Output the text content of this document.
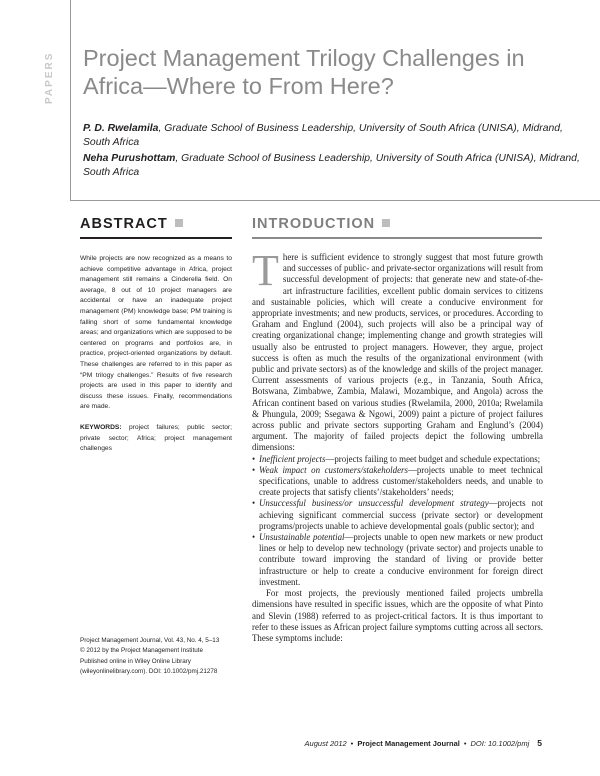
PAPERS	Project Management Trilogy Challenges in Africa—Where to From Here?

P. D. Rwelamila, Graduate School of Business Leadership, University of South Africa (UNISA), Midrand, South Africa

Neha Purushottam, Graduate School of Business Leadership, University of South Africa (UNISA), Midrand, South Africa

ABSTRACT	INTRODUCTION

While projects are now recognized as a means to achieve competitive advantage in Africa, project management still remains a Cinderella field. On average, 8 out of 10 project managers are accidental or have an inadequate project management (PM) knowledge base; PM training is falling short of some fundamental knowledge areas; and organizations which are supposed to be centered on programs and portfolios are, in practice, project-oriented organizations by default. These challenges are referred to in this paper as “PM trilogy challenges.” Results of five research projects are used in this paper to identify and discuss these issues. Finally, recommendations are made.

KEYWORDS: project failures; public sector; private sector; Africa; project management challenges

Project Management Journal, Vol. 43, No. 4, 5–13

© 2012 by the Project Management Institute

Published online in Wiley Online Library

(wileyonlinelibrary.com). DOI: 10.1002/pmj.21278

There is sufficient evidence to strongly suggest that most future growth and successes of public- and private-sector organizations will result from successful development of projects: that generate new and state-of-the-art infrastructure facilities, excellent public domain services to citizens and sustainable policies, which will create a conducive environment for appropriate investments; and new products, services, or procedures. According to Graham and Englund (2004), such projects will also be a principal way of creating organizational change; implementing change and growth strategies will usually also be entrusted to project managers. However, they argue, project success is often as much the results of the organizational environment (with public and private sectors) as of the knowledge and skills of the project manager. Current assessments of various projects (e.g., in Tanzania, South Africa, Botswana, Zimbabwe, Zambia, Malawi, Mozambique, and Angola) across the African continent based on various studies (Rwelamila, 2000, 2010a; Rwelamila & Phungula, 2009; Ssegawa & Ngowi, 2009) paint a picture of project failures across public and private sectors supporting Graham and Englund’s (2004) argument. The majority of failed projects depict the following umbrella dimensions:

• Inefficient projects—projects failing to meet budget and schedule expectations;
• Weak impact on customers/stakeholders—projects unable to meet technical specifications, unable to address customer/stakeholders needs, and unable to create projects that satisfy clients’/stakeholders’ needs;
• Unsuccessful business/or unsuccessful development strategy—projects not achieving significant commercial success (private sector) or development programs/projects unable to achieve developmental goals (public sector); and
• Unsustainable potential—projects unable to open new markets or new product lines or help to develop new technology (private sector) and projects unable to contribute toward improving the standard of living or provide better infrastructure or help to create a conducive environment for foreign direct investment.

For most projects, the previously mentioned failed projects umbrella dimensions have resulted in specific issues, which are the opposite of what Pinto and Slevin (1988) referred to as project-critical factors. It is thus important to refer to these issues as African project failure symptoms cutting across all sectors. These symptoms include:

August 2012 • Project Management Journal • DOI: 10.1002/pmj 5
